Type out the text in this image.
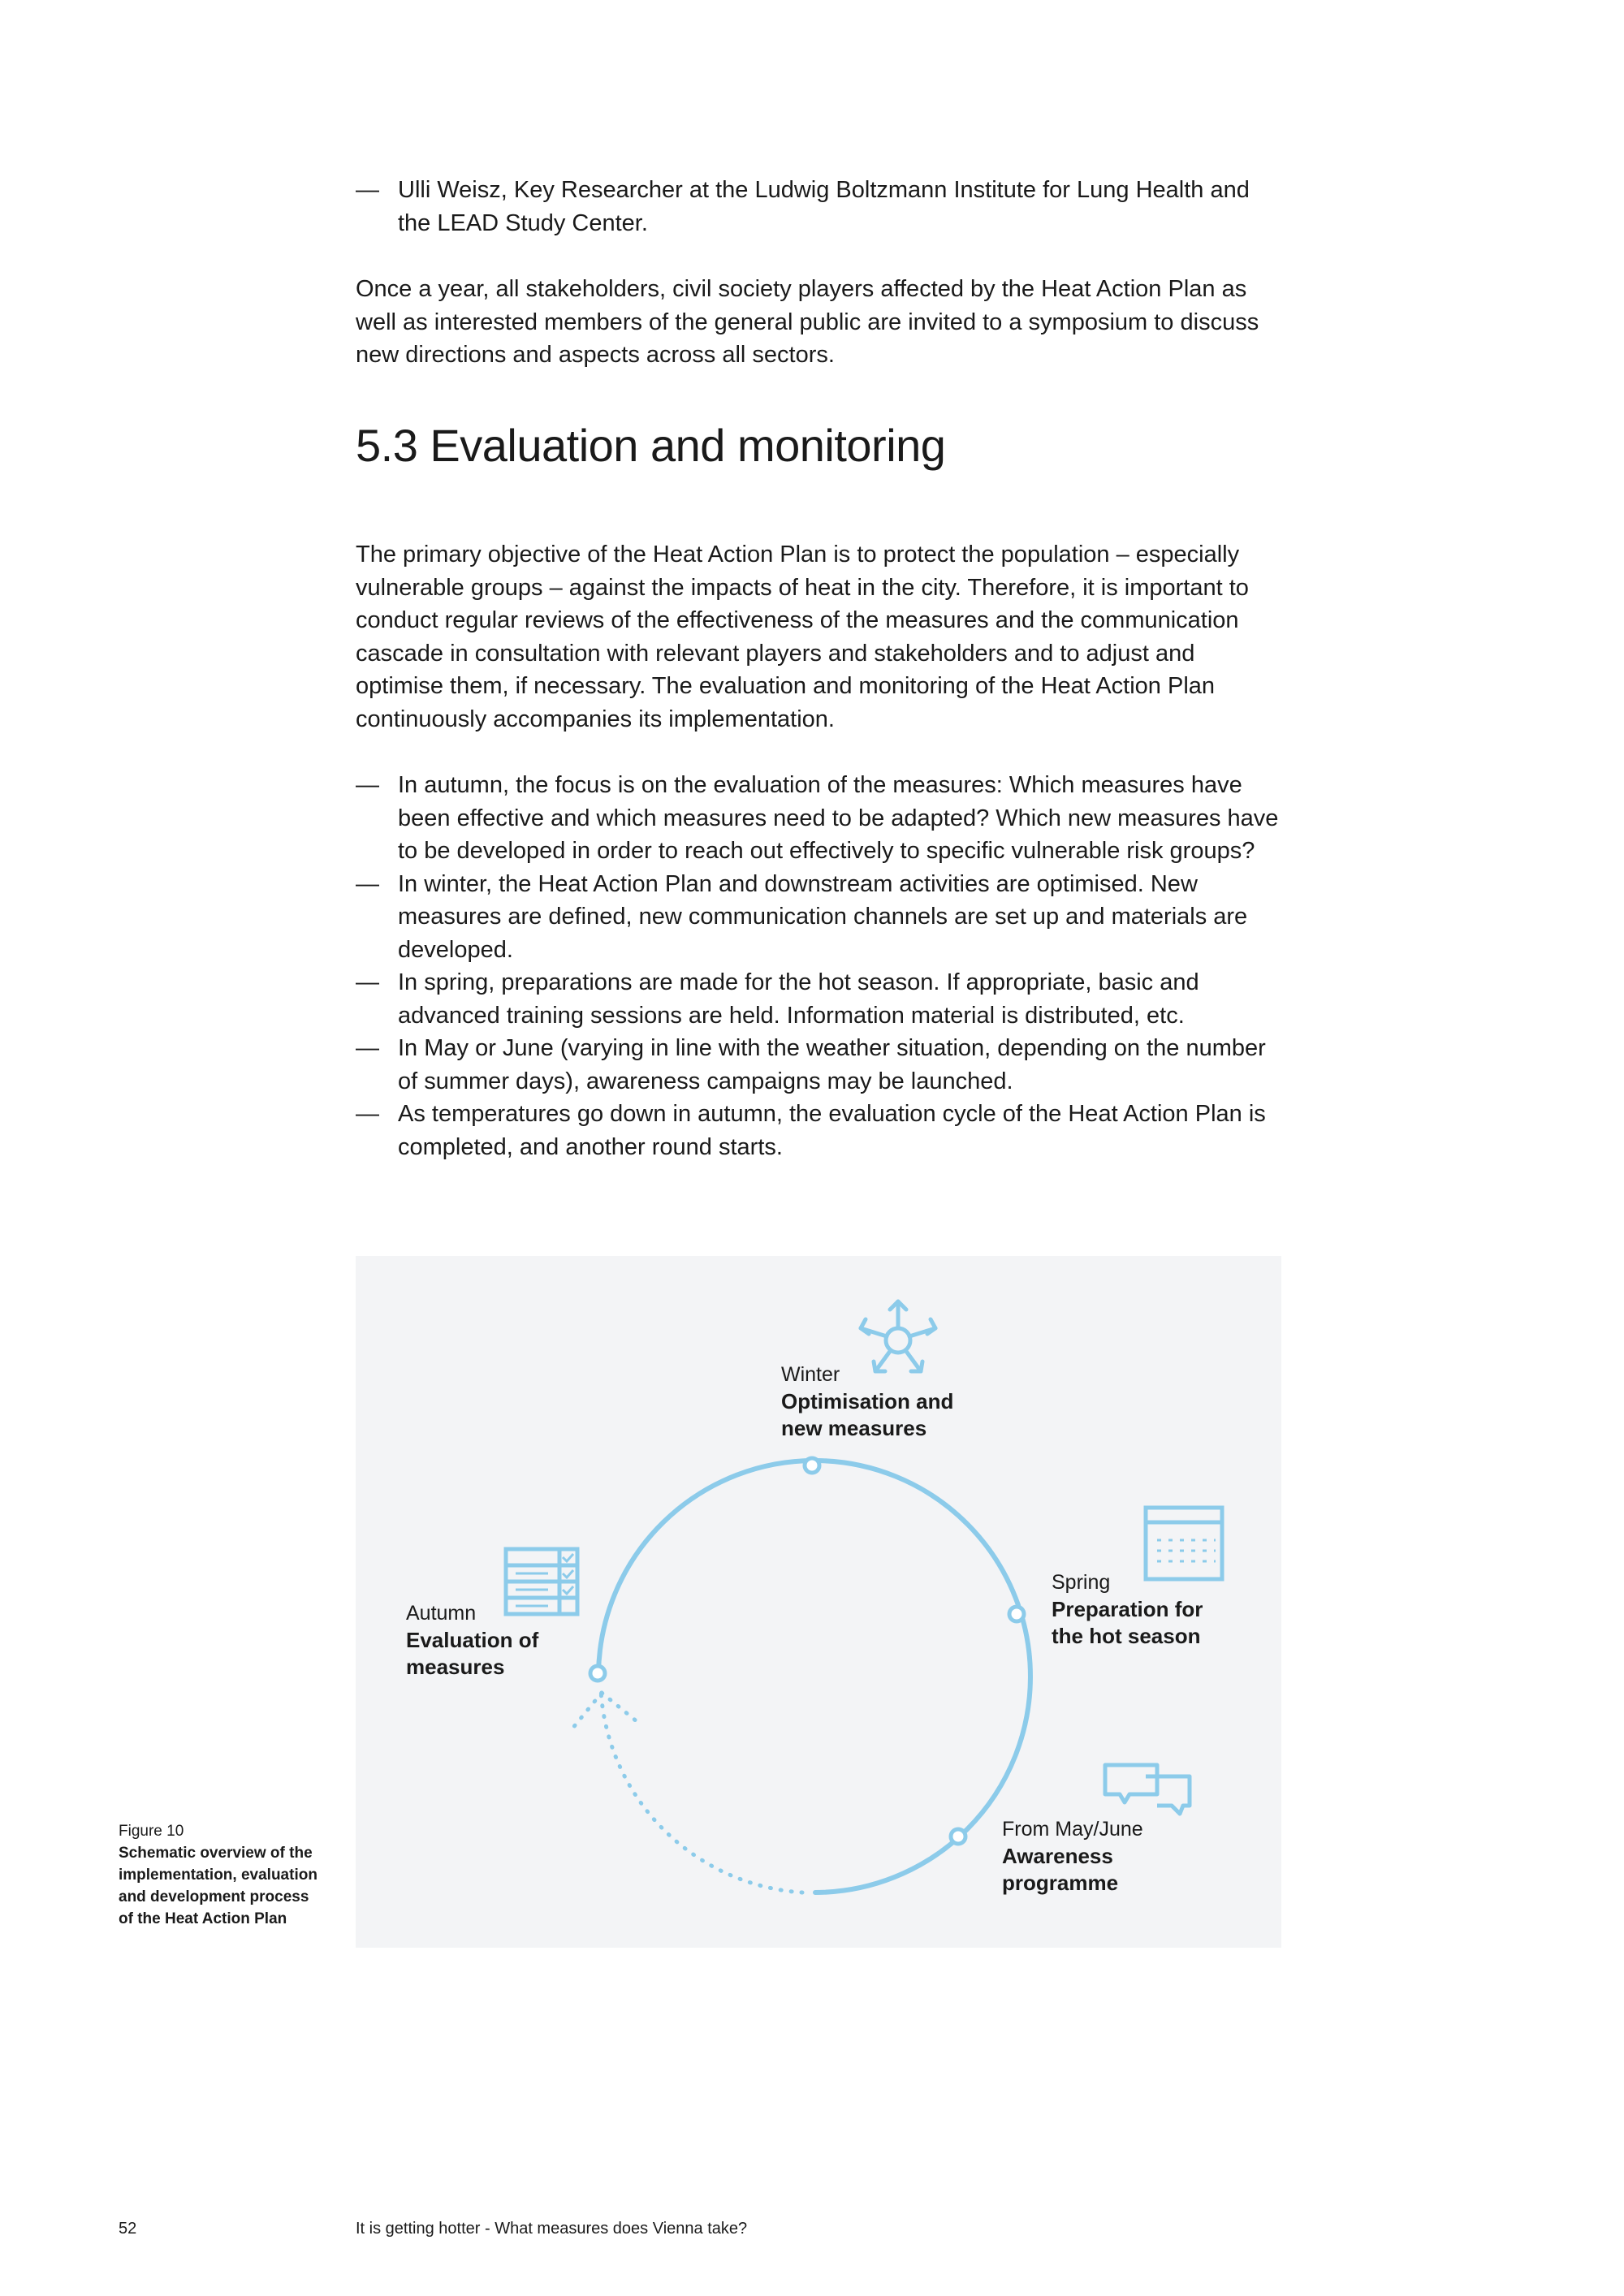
— Ulli Weisz, Key Researcher at the Ludwig Boltzmann Institute for Lung Health and the LEAD Study Center.

Once a year, all stakeholders, civil society players affected by the Heat Action Plan as well as interested members of the general public are invited to a symposium to discuss new directions and aspects across all sectors.

5.3 Evaluation and monitoring

The primary objective of the Heat Action Plan is to protect the population – especially vulnerable groups – against the impacts of heat in the city. Therefore, it is important to conduct regular reviews of the effectiveness of the measures and the communication cascade in consultation with relevant players and stakeholders and to adjust and optimise them, if necessary. The evaluation and monitoring of the Heat Action Plan continuously accompanies its implementation.

— In autumn, the focus is on the evaluation of the measures: Which measures have been effective and which measures need to be adapted? Which new measures have to be developed in order to reach out effectively to specific vulnerable risk groups?
— In winter, the Heat Action Plan and downstream activities are optimised. New measures are defined, new communication channels are set up and materials are developed.
— In spring, preparations are made for the hot season. If appropriate, basic and advanced training sessions are held. Information material is distributed, etc.
— In May or June (varying in line with the weather situation, depending on the number of summer days), awareness campaigns may be launched.
— As temperatures go down in autumn, the evaluation cycle of the Heat Action Plan is completed, and another round starts.
Winter
Optimisation and
new measures
Spring
Preparation for
the hot season
From May/June
Awareness
programme
Autumn
Evaluation of
measures
Figure 10
Schematic overview of the implementation, evaluation and development process of the Heat Action Plan
52	It is getting hotter - What measures does Vienna take?
